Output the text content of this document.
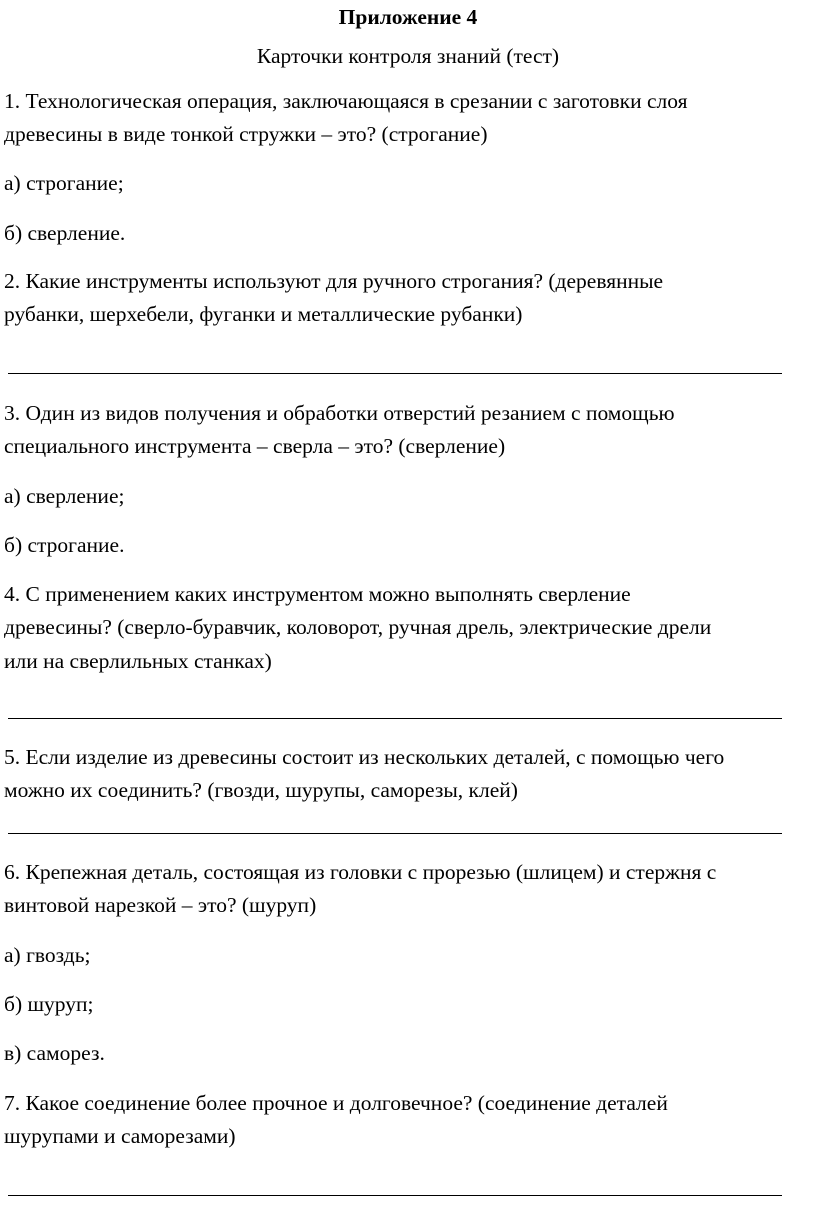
Приложение 4
Карточки контроля знаний (тест)
1. Технологическая операция, заключающаяся в срезании с заготовки слоя
древесины в виде тонкой стружки – это? (строгание)
а) строгание;
б) сверление.
2. Какие инструменты используют для ручного строгания? (деревянные
рубанки, шерхебели, фуганки и металлические рубанки)
3. Один из видов получения и обработки отверстий резанием с помощью
специального инструмента – сверла – это? (сверление)
а) сверление;
б) строгание.
4. С применением каких инструментом можно выполнять сверление
древесины? (сверло-буравчик, коловорот, ручная дрель, электрические дрели
или на сверлильных станках)
5. Если изделие из древесины состоит из нескольких деталей, с помощью чего
можно их соединить? (гвозди, шурупы, саморезы, клей)
6. Крепежная деталь, состоящая из головки с прорезью (шлицем) и стержня с
винтовой нарезкой – это? (шуруп)
а) гвоздь;
б) шуруп;
в) саморез.
7. Какое соединение более прочное и долговечное? (соединение деталей
шурупами и саморезами)
